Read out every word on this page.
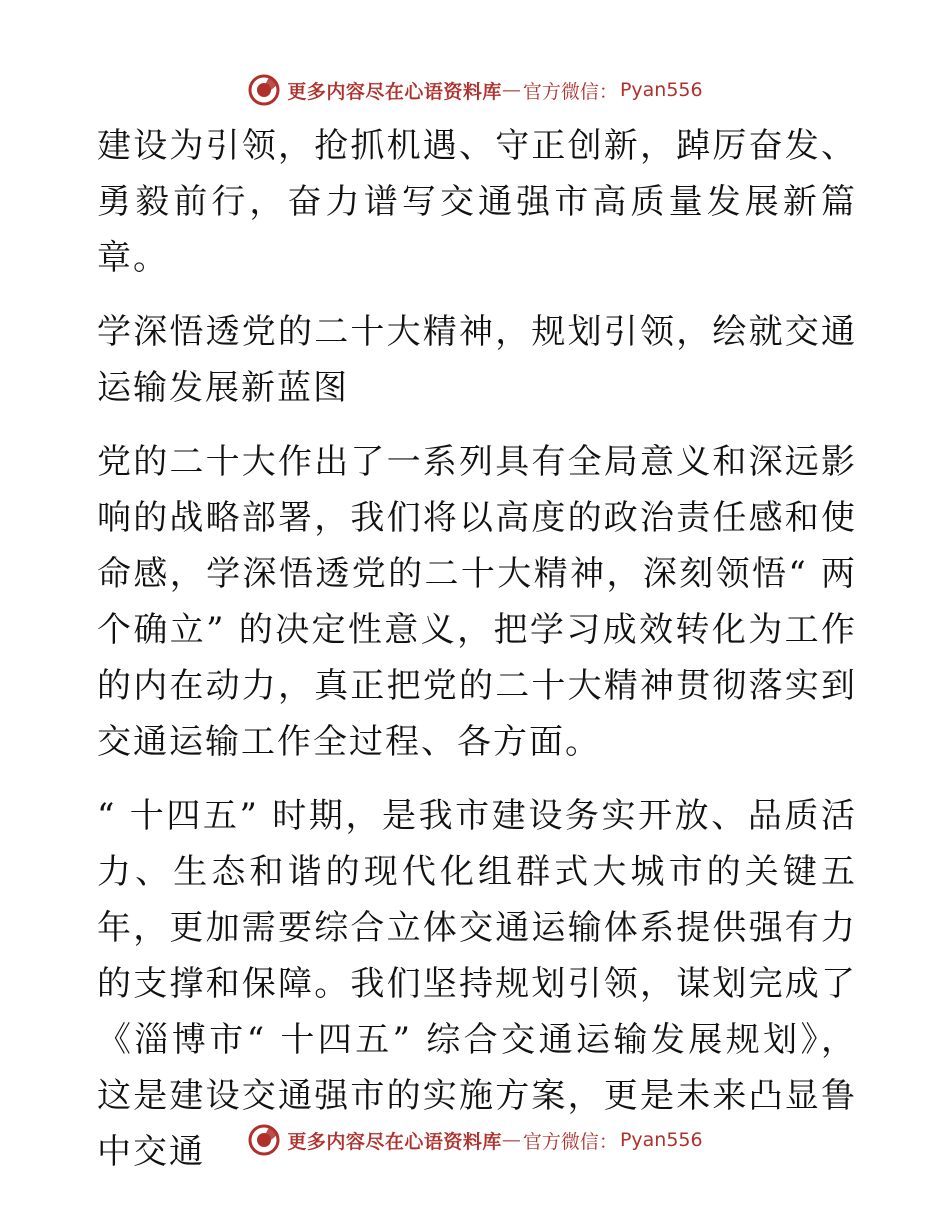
更多内容尽在心语资料库 — 官方微信： Pyan556

建设为引领，抢抓机遇、守正创新，踔厉奋发、勇毅前行，奋力谱写交通强市高质量发展新篇章。

学深悟透党的二十大精神，规划引领，绘就交通运输发展新蓝图

党的二十大作出了一系列具有全局意义和深远影响的战略部署，我们将以高度的政治责任感和使命感，学深悟透党的二十大精神，深刻领悟“ 两个确立” 的决定性意义，把学习成效转化为工作的内在动力，真正把党的二十大精神贯彻落实到交通运输工作全过程、各方面。

“ 十四五” 时期，是我市建设务实开放、品质活力、生态和谐的现代化组群式大城市的关键五年，更加需要综合立体交通运输体系提供强有力的支撑和保障。我们坚持规划引领，谋划完成了《淄博市“ 十四五” 综合交通运输发展规划》，这是建设交通强市的实施方案，更是未来凸显鲁中交通	更多内容尽在心语资料库 — 官方微信： Pyan556
